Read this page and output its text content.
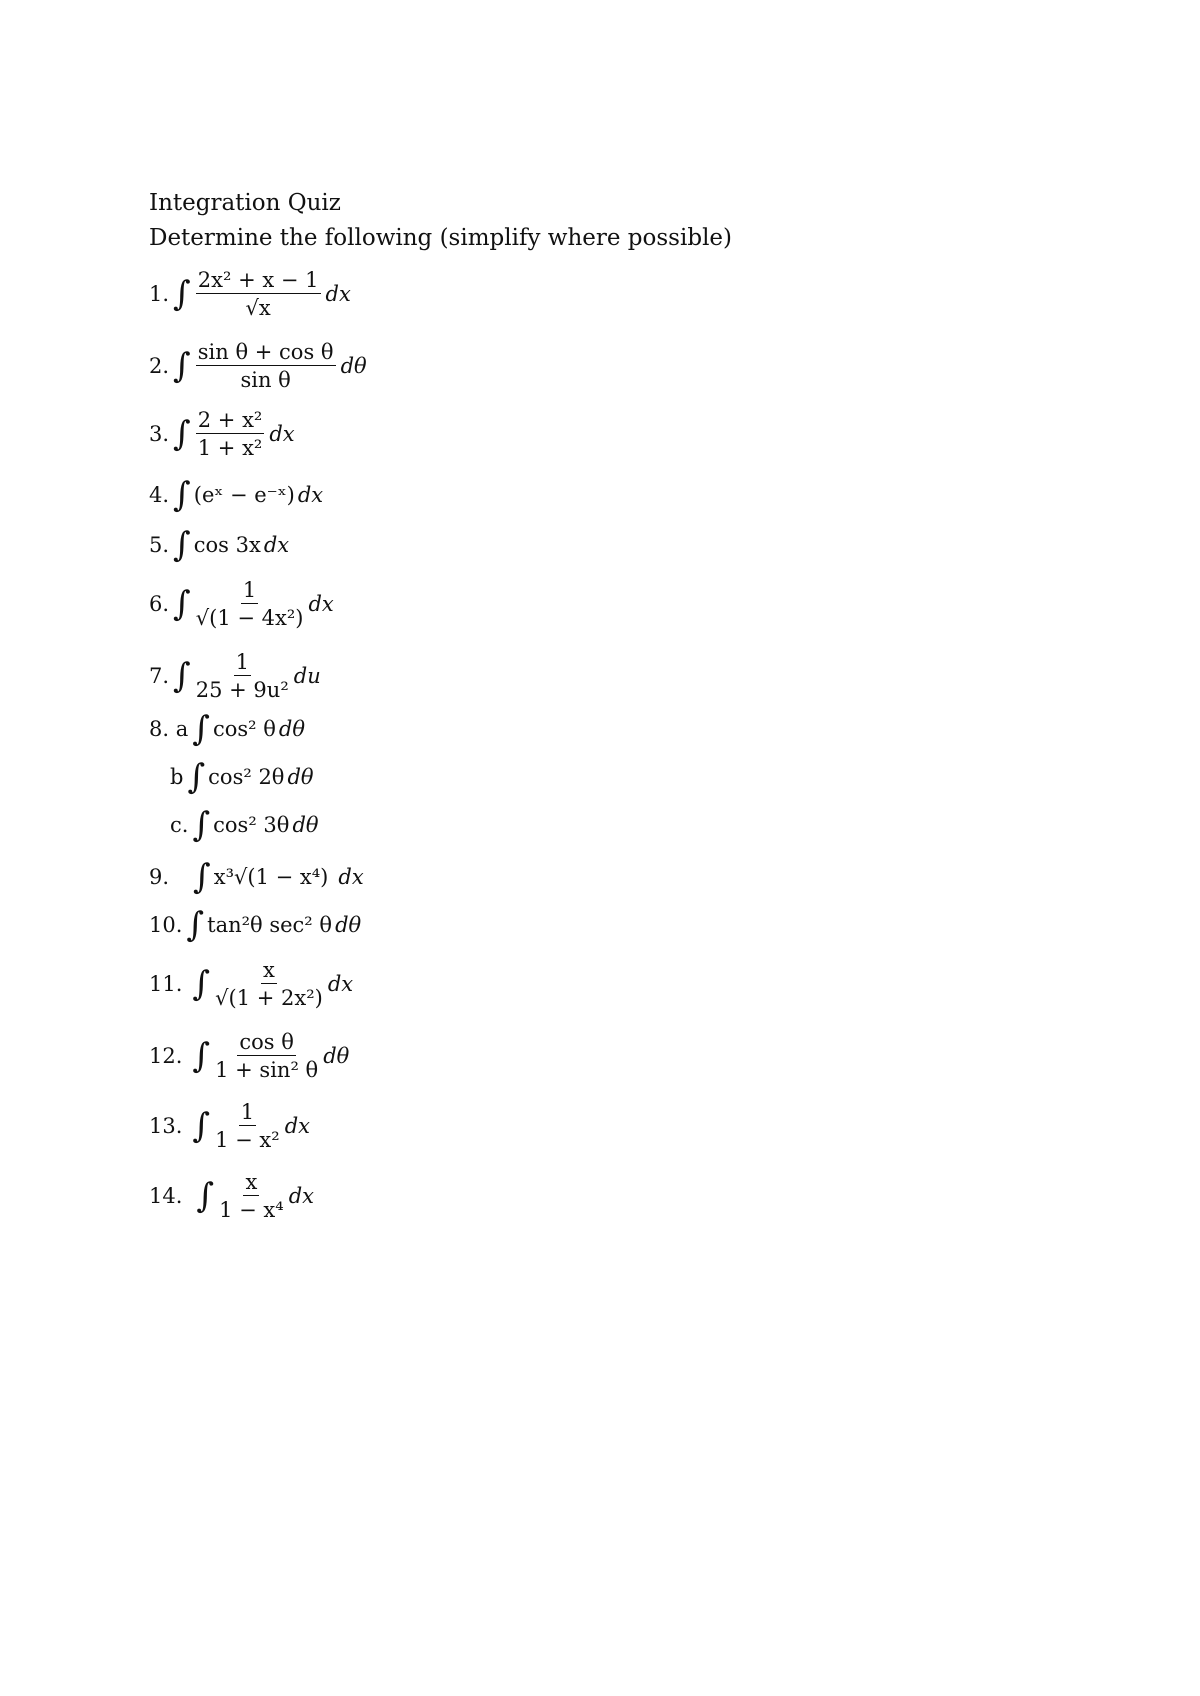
Integration Quiz
Determine the following (simplify where possible)
1. ∫ $\frac{\text{2x² + x − 1}}{√x}$ dx
2. ∫ $\frac{\text{sin θ + cos θ}}{\text{sin θ}}$ dθ
3. ∫ $\frac{\text{2 + x²}}{\text{1 + x²}}$ dx
4. ∫ (eˣ − e⁻ˣ) dx
5. ∫ cos 3x dx
6. ∫ $\frac{1}{\text{√(1 − 4x²)}}$ dx
7. ∫ $\frac{1}{\text{25 + 9u²}}$ du
8. a ∫ cos² θ dθ
b ∫ cos² 2θ dθ
c. ∫ cos² 3θ dθ
9. ∫ x³√(1 − x⁴) dx
10. ∫ tan²θ sec² θ dθ
11. ∫ $\frac{x}{\text{√(1 + 2x²)}}$ dx
12. ∫ $\frac{\text{cos θ}}{\text{1 + sin² θ}}$ dθ
13. ∫ $\frac{1}{\text{1 − x²}}$ dx
14. ∫ $\frac{x}{\text{1 − x⁴}}$ dx
